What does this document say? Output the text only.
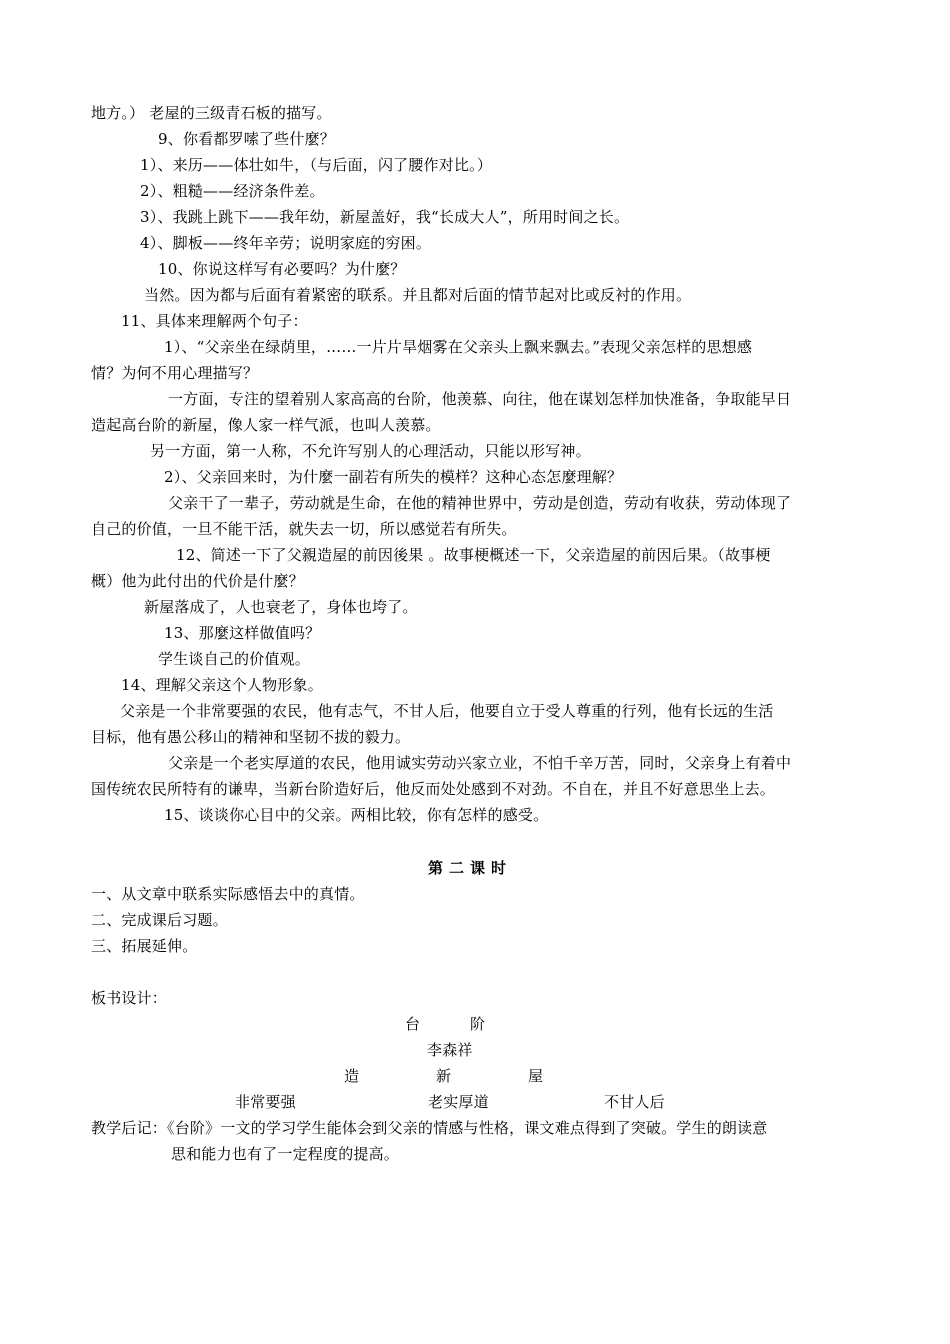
地方。） 老屋的三级青石板的描写。
9、你看都罗嗦了些什麼？
1）、来历——体壮如牛，（与后面，闪了腰作对比。）
2）、粗糙——经济条件差。
3）、我跳上跳下——我年幼，新屋盖好，我“长成大人”，所用时间之长。
4）、脚板——终年辛劳；说明家庭的穷困。
10、你说这样写有必要吗？为什麼？
当然。因为都与后面有着紧密的联系。并且都对后面的情节起对比或反衬的作用。
11、具体来理解两个句子：
1）、“父亲坐在绿荫里，……一片片旱烟雾在父亲头上飘来飘去。”表现父亲怎样的思想感
情？为何不用心理描写？
一方面，专注的望着别人家高高的台阶，他羡慕、向往，他在谋划怎样加快准备，争取能早日
造起高台阶的新屋，像人家一样气派，也叫人羡慕。
另一方面，第一人称，不允许写别人的心理活动，只能以形写神。
2）、父亲回来时，为什麼一副若有所失的模样？这种心态怎麼理解？
父亲干了一辈子，劳动就是生命，在他的精神世界中，劳动是创造，劳动有收获，劳动体现了
自己的价值，一旦不能干活，就失去一切，所以感觉若有所失。
12、简述一下了父親造屋的前因後果 。故事梗概述一下，父亲造屋的前因后果。（故事梗
概）他为此付出的代价是什麼？
新屋落成了，人也衰老了，身体也垮了。
13、那麼这样做值吗？
学生谈自己的价值观。
14、理解父亲这个人物形象。
父亲是一个非常要强的农民，他有志气，不甘人后，他要自立于受人尊重的行列，他有长远的生活
目标，他有愚公移山的精神和坚韧不拔的毅力。
父亲是一个老实厚道的农民，他用诚实劳动兴家立业，不怕千辛万苦，同时，父亲身上有着中
国传统农民所特有的谦卑，当新台阶造好后，他反而处处感到不对劲。不自在，并且不好意思坐上去。
15、谈谈你心目中的父亲。两相比较，你有怎样的感受。
第二课时
一、从文章中联系实际感悟去中的真情。
二、完成课后习题。
三、拓展延伸。
板书设计：
台	阶
李森祥
造	新	屋
非常要强	老实厚道	不甘人后
教学后记：《台阶》一文的学习学生能体会到父亲的情感与性格，课文难点得到了突破。学生的朗读意
思和能力也有了一定程度的提高。
